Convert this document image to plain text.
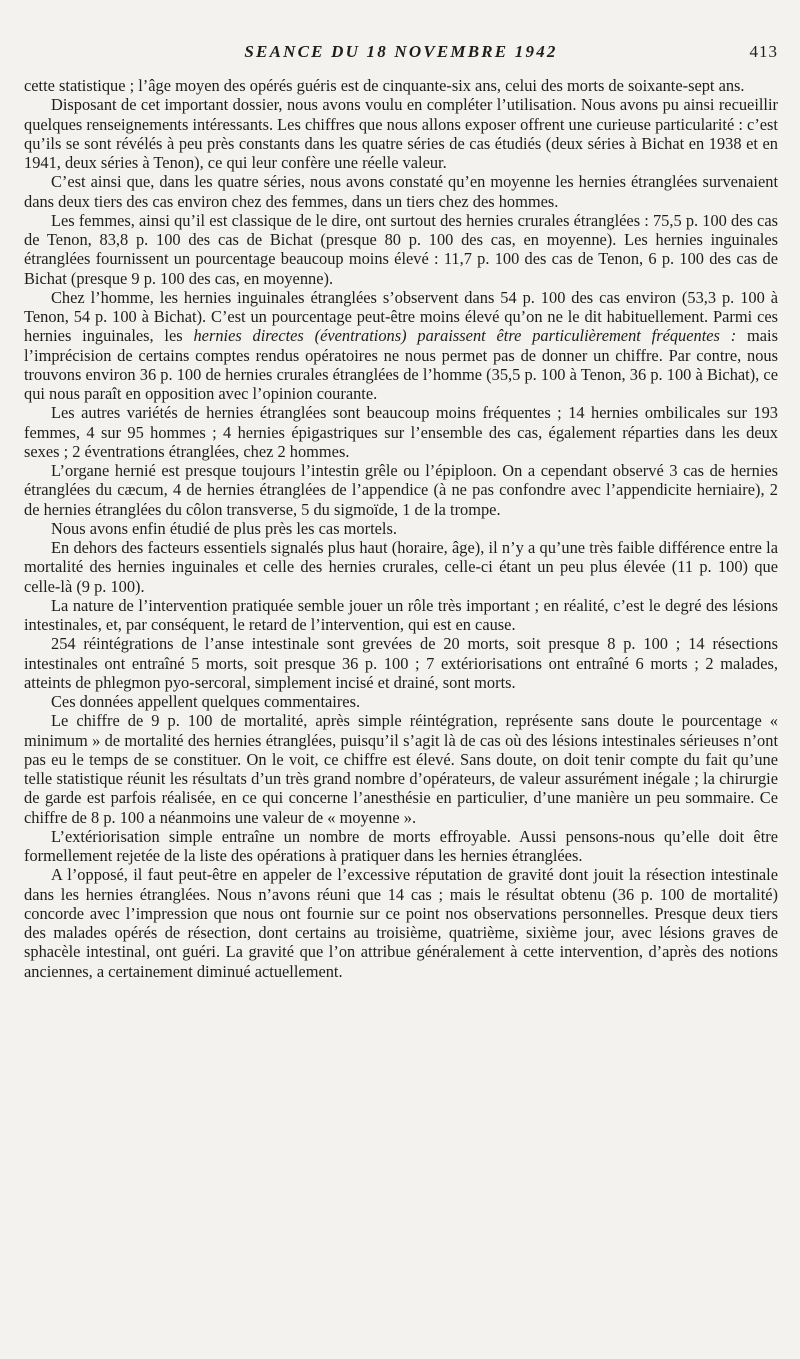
SEANCE DU 18 NOVEMBRE 1942	413

cette statistique ; l’âge moyen des opérés guéris est de cinquante-six ans, celui des morts de soixante-sept ans.

Disposant de cet important dossier, nous avons voulu en compléter l’utilisation. Nous avons pu ainsi recueillir quelques renseignements intéressants. Les chiffres que nous allons exposer offrent une curieuse particularité : c’est qu’ils se sont révélés à peu près constants dans les quatre séries de cas étudiés (deux séries à Bichat en 1938 et en 1941, deux séries à Tenon), ce qui leur confère une réelle valeur.

C’est ainsi que, dans les quatre séries, nous avons constaté qu’en moyenne les hernies étranglées survenaient dans deux tiers des cas environ chez des femmes, dans un tiers chez des hommes.

Les femmes, ainsi qu’il est classique de le dire, ont surtout des hernies crurales étranglées : 75,5 p. 100 des cas de Tenon, 83,8 p. 100 des cas de Bichat (presque 80 p. 100 des cas, en moyenne). Les hernies inguinales étranglées fournissent un pourcentage beaucoup moins élevé : 11,7 p. 100 des cas de Tenon, 6 p. 100 des cas de Bichat (presque 9 p. 100 des cas, en moyenne).

Chez l’homme, les hernies inguinales étranglées s’observent dans 54 p. 100 des cas environ (53,3 p. 100 à Tenon, 54 p. 100 à Bichat). C’est un pourcentage peut-être moins élevé qu’on ne le dit habituellement. Parmi ces hernies inguinales, les hernies directes (éventrations) paraissent être particulièrement fréquentes : mais l’imprécision de certains comptes rendus opératoires ne nous permet pas de donner un chiffre. Par contre, nous trouvons environ 36 p. 100 de hernies crurales étranglées de l’homme (35,5 p. 100 à Tenon, 36 p. 100 à Bichat), ce qui nous paraît en opposition avec l’opinion courante.

Les autres variétés de hernies étranglées sont beaucoup moins fréquentes ; 14 hernies ombilicales sur 193 femmes, 4 sur 95 hommes ; 4 hernies épigastriques sur l’ensemble des cas, également réparties dans les deux sexes ; 2 éventrations étranglées, chez 2 hommes.

L’organe hernié est presque toujours l’intestin grêle ou l’épiploon. On a cependant observé 3 cas de hernies étranglées du cæcum, 4 de hernies étranglées de l’appendice (à ne pas confondre avec l’appendicite herniaire), 2 de hernies étranglées du côlon transverse, 5 du sigmoïde, 1 de la trompe.

Nous avons enfin étudié de plus près les cas mortels.

En dehors des facteurs essentiels signalés plus haut (horaire, âge), il n’y a qu’une très faible différence entre la mortalité des hernies inguinales et celle des hernies crurales, celle-ci étant un peu plus élevée (11 p. 100) que celle-là (9 p. 100).

La nature de l’intervention pratiquée semble jouer un rôle très important ; en réalité, c’est le degré des lésions intestinales, et, par conséquent, le retard de l’intervention, qui est en cause.

254 réintégrations de l’anse intestinale sont grevées de 20 morts, soit presque 8 p. 100 ; 14 résections intestinales ont entraîné 5 morts, soit presque 36 p. 100 ; 7 extériorisations ont entraîné 6 morts ; 2 malades, atteints de phlegmon pyo-sercoral, simplement incisé et drainé, sont morts.

Ces données appellent quelques commentaires.

Le chiffre de 9 p. 100 de mortalité, après simple réintégration, représente sans doute le pourcentage « minimum » de mortalité des hernies étranglées, puisqu’il s’agit là de cas où des lésions intestinales sérieuses n’ont pas eu le temps de se constituer. On le voit, ce chiffre est élevé. Sans doute, on doit tenir compte du fait qu’une telle statistique réunit les résultats d’un très grand nombre d’opérateurs, de valeur assurément inégale ; la chirurgie de garde est parfois réalisée, en ce qui concerne l’anesthésie en particulier, d’une manière un peu sommaire. Ce chiffre de 8 p. 100 a néanmoins une valeur de « moyenne ».

L’extériorisation simple entraîne un nombre de morts effroyable. Aussi pensons-nous qu’elle doit être formellement rejetée de la liste des opérations à pratiquer dans les hernies étranglées.

A l’opposé, il faut peut-être en appeler de l’excessive réputation de gravité dont jouit la résection intestinale dans les hernies étranglées. Nous n’avons réuni que 14 cas ; mais le résultat obtenu (36 p. 100 de mortalité) concorde avec l’impression que nous ont fournie sur ce point nos observations personnelles. Presque deux tiers des malades opérés de résection, dont certains au troisième, quatrième, sixième jour, avec lésions graves de sphacèle intestinal, ont guéri. La gravité que l’on attribue généralement à cette intervention, d’après des notions anciennes, a certainement diminué actuellement.
